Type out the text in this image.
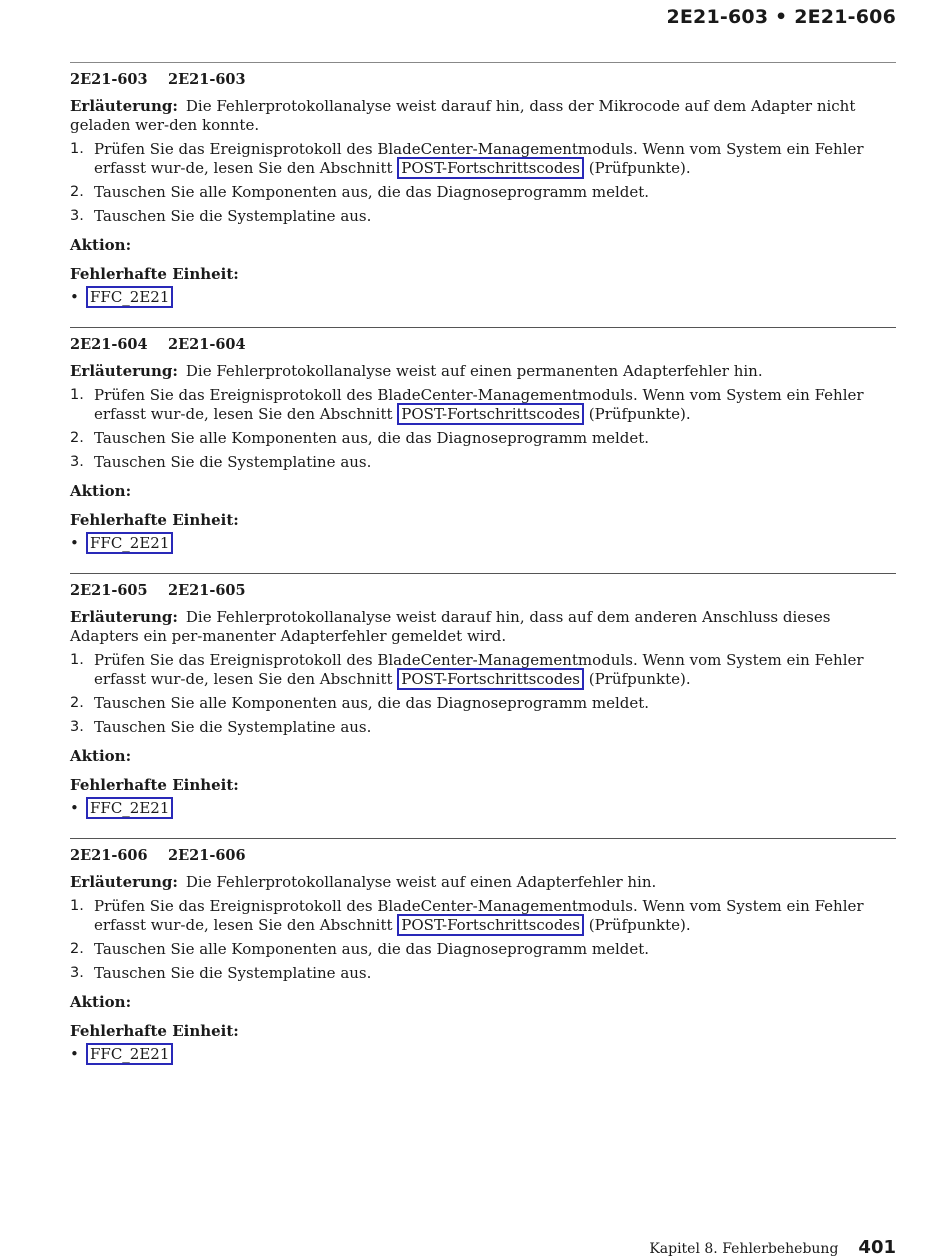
2E21-603 • 2E21-606
2E21-603	2E21-603

Erläuterung: Die Fehlerprotokollanalyse weist darauf hin, dass der Mikrocode auf dem Adapter nicht geladen wer-den konnte.

1. Prüfen Sie das Ereignisprotokoll des BladeCenter-Managementmoduls. Wenn vom System ein Fehler erfasst wur-de, lesen Sie den Abschnitt POST-Fortschrittscodes (Prüfpunkte).
2. Tauschen Sie alle Komponenten aus, die das Diagnoseprogramm meldet.
3. Tauschen Sie die Systemplatine aus.
Aktion:
Fehlerhafte Einheit:
• FFC_2E21
2E21-604	2E21-604

Erläuterung: Die Fehlerprotokollanalyse weist auf einen permanenten Adapterfehler hin.

1. Prüfen Sie das Ereignisprotokoll des BladeCenter-Managementmoduls. Wenn vom System ein Fehler erfasst wur-de, lesen Sie den Abschnitt POST-Fortschrittscodes (Prüfpunkte).
2. Tauschen Sie alle Komponenten aus, die das Diagnoseprogramm meldet.
3. Tauschen Sie die Systemplatine aus.
Aktion:
Fehlerhafte Einheit:
• FFC_2E21
2E21-605	2E21-605

Erläuterung: Die Fehlerprotokollanalyse weist darauf hin, dass auf dem anderen Anschluss dieses Adapters ein per-manenter Adapterfehler gemeldet wird.

1. Prüfen Sie das Ereignisprotokoll des BladeCenter-Managementmoduls. Wenn vom System ein Fehler erfasst wur-de, lesen Sie den Abschnitt POST-Fortschrittscodes (Prüfpunkte).
2. Tauschen Sie alle Komponenten aus, die das Diagnoseprogramm meldet.
3. Tauschen Sie die Systemplatine aus.
Aktion:
Fehlerhafte Einheit:
• FFC_2E21
2E21-606	2E21-606

Erläuterung: Die Fehlerprotokollanalyse weist auf einen Adapterfehler hin.

1. Prüfen Sie das Ereignisprotokoll des BladeCenter-Managementmoduls. Wenn vom System ein Fehler erfasst wur-de, lesen Sie den Abschnitt POST-Fortschrittscodes (Prüfpunkte).
2. Tauschen Sie alle Komponenten aus, die das Diagnoseprogramm meldet.
3. Tauschen Sie die Systemplatine aus.
Aktion:
Fehlerhafte Einheit:
• FFC_2E21
Kapitel 8. Fehlerbehebung 401
